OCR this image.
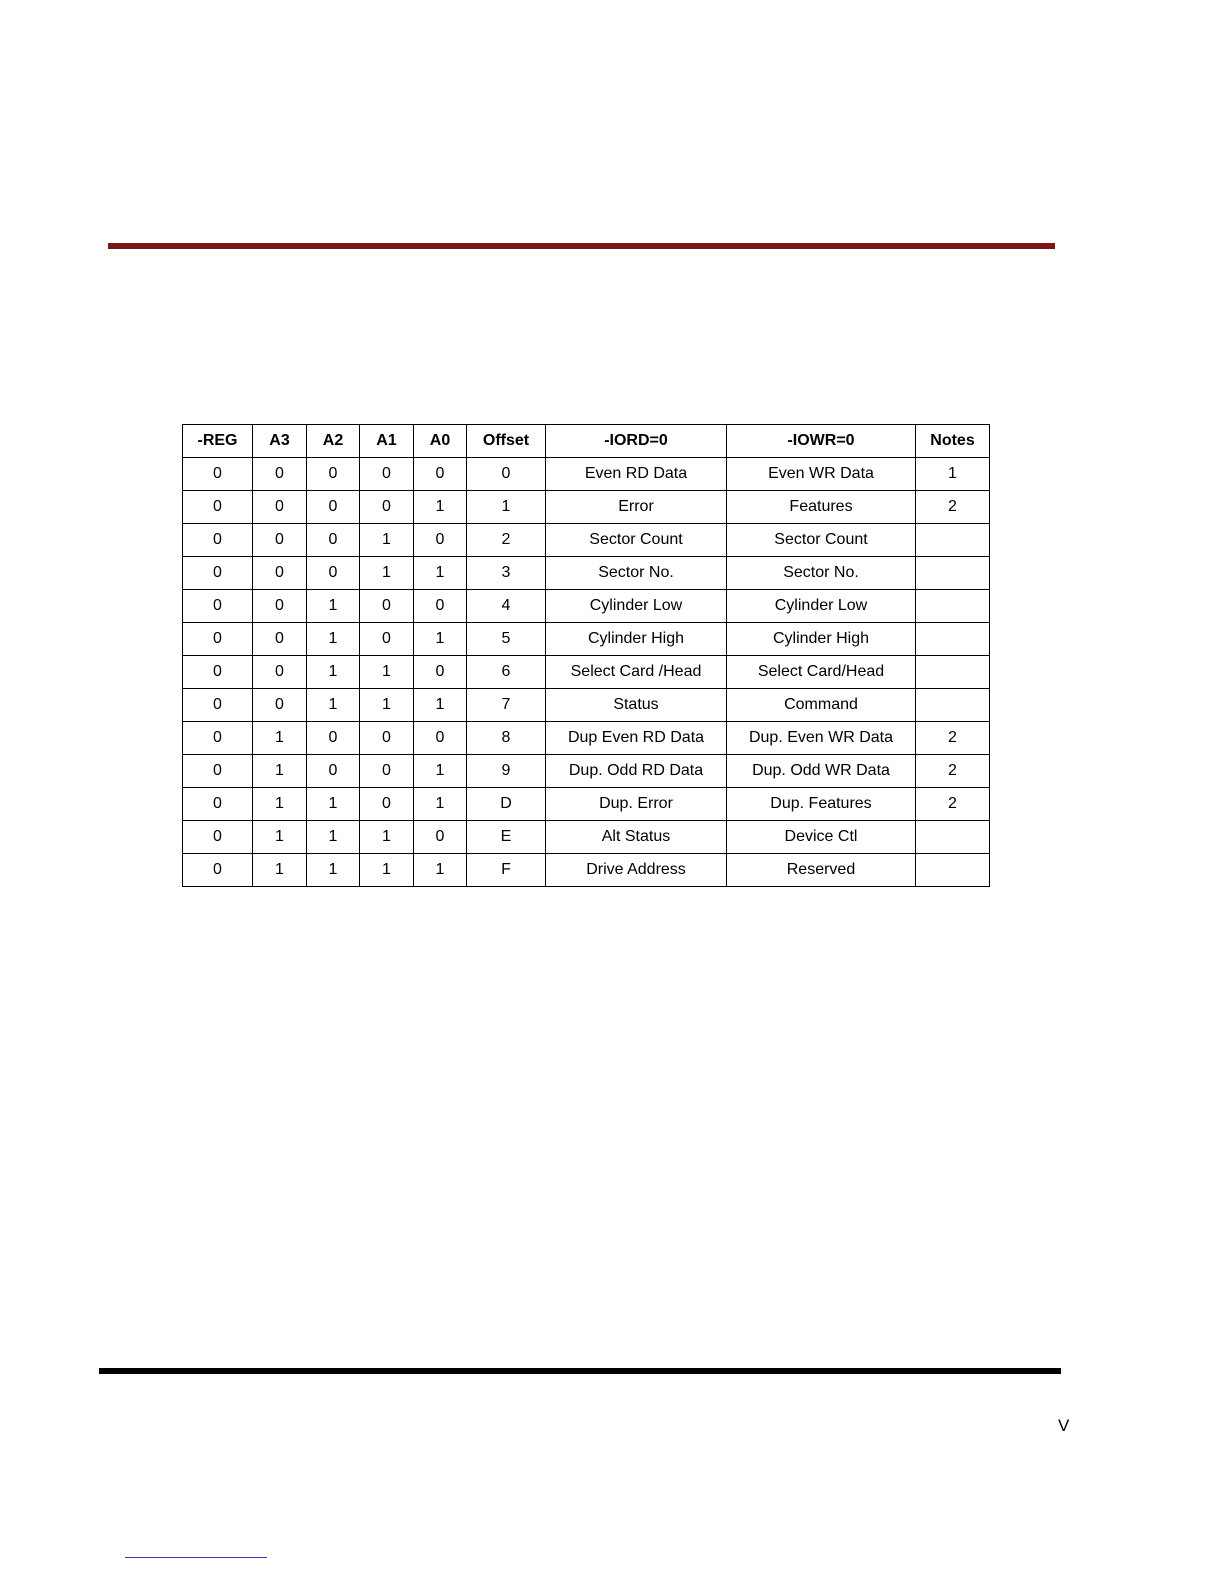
-REG	A3	A2	A1	A0	Offset	-IORD=0	-IOWR=0	Notes
0	0	0	0	0	0	Even RD Data	Even WR Data	1
0	0	0	0	1	1	Error	Features	2
0	0	0	1	0	2	Sector Count	Sector Count	
0	0	0	1	1	3	Sector No.	Sector No.	
0	0	1	0	0	4	Cylinder Low	Cylinder Low	
0	0	1	0	1	5	Cylinder High	Cylinder High	
0	0	1	1	0	6	Select Card /Head	Select Card/Head	
0	0	1	1	1	7	Status	Command	
0	1	0	0	0	8	Dup Even RD Data	Dup. Even WR Data	2
0	1	0	0	1	9	Dup. Odd RD Data	Dup. Odd WR Data	2
0	1	1	0	1	D	Dup. Error	Dup. Features	2
0	1	1	1	0	E	Alt Status	Device Ctl	
0	1	1	1	1	F	Drive Address	Reserved	
V
